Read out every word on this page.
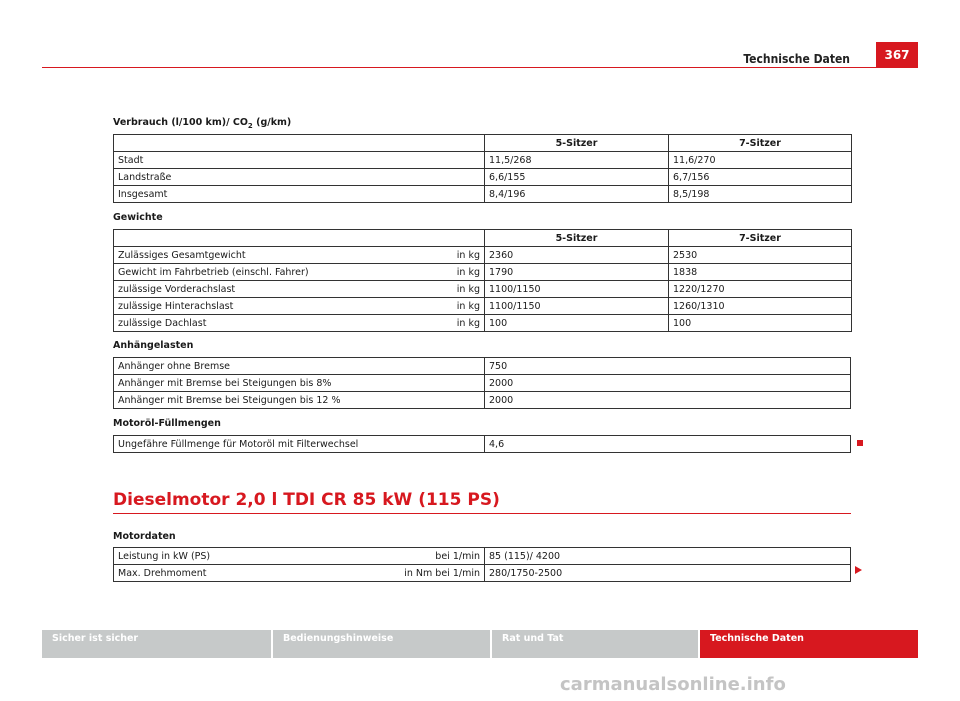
Technische Daten	367
Verbrauch (l/100 km)/ $CO_2$ (g/km)
	5-Sitzer	7-Sitzer
Stadt	11,5/268	11,6/270
Landstraße	6,6/155	6,7/156
Insgesamt	8,4/196	8,5/198
Gewichte
	5-Sitzer	7-Sitzer
Zulässiges Gesamtgewicht in kg	2360	2530
Gewicht im Fahrbetrieb (einschl. Fahrer) in kg	1790	1838
zulässige Vorderachslast in kg	1100/1150	1220/1270
zulässige Hinterachslast in kg	1100/1150	1260/1310
zulässige Dachlast in kg	100	100
Anhängelasten
Anhänger ohne Bremse	750
Anhänger mit Bremse bei Steigungen bis 8%	2000
Anhänger mit Bremse bei Steigungen bis 12 %	2000
Motoröl-Füllmengen
Ungefähre Füllmenge für Motoröl mit Filterwechsel	4,6
Dieselmotor 2,0 l TDI CR 85 kW (115 PS)
Motordaten
Leistung in kW (PS) bei 1/min	85 (115)/ 4200
Max. Drehmoment in Nm bei 1/min	280/1750-2500
Sicher ist sicher	Bedienungshinweise	Rat und Tat	Technische Daten
carmanualsonline.info
